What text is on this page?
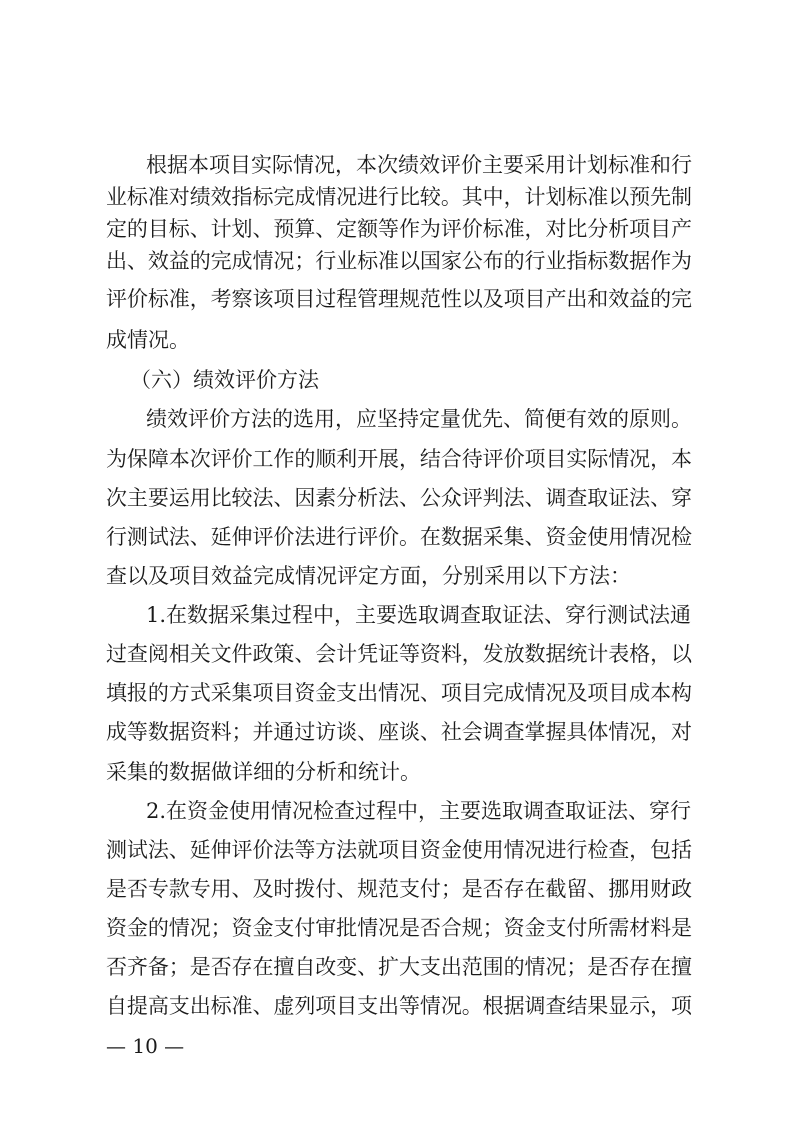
根据本项目实际情况，本次绩效评价主要采用计划标准和行
业标准对绩效指标完成情况进行比较。其中，计划标准以预先制
定的目标、计划、预算、定额等作为评价标准，对比分析项目产
出、效益的完成情况；行业标准以国家公布的行业指标数据作为
评价标准，考察该项目过程管理规范性以及项目产出和效益的完
成情况。
（六）绩效评价方法
绩效评价方法的选用，应坚持定量优先、简便有效的原则。
为保障本次评价工作的顺利开展，结合待评价项目实际情况，本
次主要运用比较法、因素分析法、公众评判法、调查取证法、穿
行测试法、延伸评价法进行评价。在数据采集、资金使用情况检
查以及项目效益完成情况评定方面，分别采用以下方法：
1.在数据采集过程中，主要选取调查取证法、穿行测试法通
过查阅相关文件政策、会计凭证等资料，发放数据统计表格，以
填报的方式采集项目资金支出情况、项目完成情况及项目成本构
成等数据资料；并通过访谈、座谈、社会调查掌握具体情况，对
采集的数据做详细的分析和统计。
2.在资金使用情况检查过程中，主要选取调查取证法、穿行
测试法、延伸评价法等方法就项目资金使用情况进行检查，包括
是否专款专用、及时拨付、规范支付；是否存在截留、挪用财政
资金的情况；资金支付审批情况是否合规；资金支付所需材料是
否齐备；是否存在擅自改变、扩大支出范围的情况；是否存在擅
自提高支出标准、虚列项目支出等情况。根据调查结果显示，项
— 10 —
